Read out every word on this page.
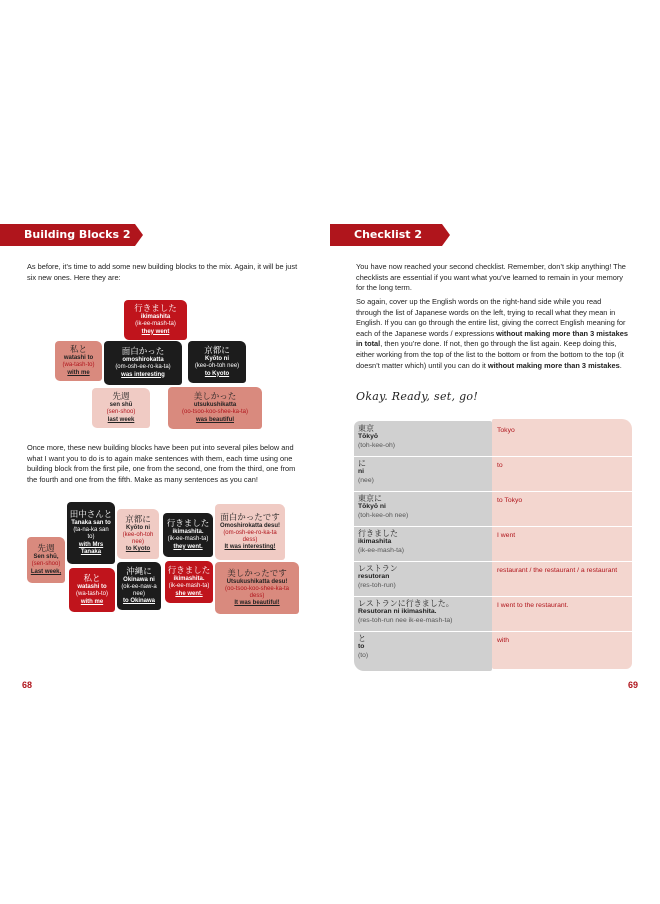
Building Blocks 2

As before, it’s time to add some new building blocks to the mix. Again, it will be just six new ones. Here they are:

行きました
ikimashita
(ik-ee-mash-ta)
they went
私と
watashi to
(wa-tash-to)
with me
面白かった
omoshirokatta
(om-osh-ee-ro-ka-ta)
was interesting
京都に
Kyōto ni
(kee-oh-toh nee)
to Kyoto
先週
sen shū
(sen-shoo)
last week
美しかった
utsukushikatta
(oo-tsoo-koo-shee-ka-ta)
was beautiful

Once more, these new building blocks have been put into several piles below and what I want you to do is to again make sentences with them, each time using one building block from the first pile, one from the second, one from the third, one from the fourth and one from the fifth. Make as many sentences as you can!

先週
Sen shū,
(sen-shoo)
Last week,
田中さんと
Tanaka san to
(ta-na-ka san to)
with Mrs Tanaka
私と
watashi to
(wa-tash-to)
with me
京都に
Kyōto ni
(kee-oh-toh nee)
to Kyoto
沖縄に
Okinawa ni
(ok-ee-naw-a nee)
to Okinawa
行きました
ikimashita.
(ik-ee-mash-ta)
they went.
行きました
ikimashita.
(ik-ee-mash-ta)
she went.
面白かったです
Omoshirokatta desu!
(om-osh-ee-ro-ka-ta dess)
It was interesting!
美しかったです
Utsukushikatta desu!
(oo-tsoo-koo-shee-ka-ta dess)
It was beautiful!
68
Checklist 2

You have now reached your second checklist. Remember, don’t skip anything! The checklists are essential if you want what you’ve learned to remain in your memory for the long term.

So again, cover up the English words on the right-hand side while you read through the list of Japanese words on the left, trying to recall what they mean in English. If you can go through the entire list, giving the correct English meaning for each of the Japanese words / expressions without making more than 3 mistakes in total, then you’re done. If not, then go through the list again. Keep doing this, either working from the top of the list to the bottom or from the bottom to the top (it doesn’t matter which) until you can do it without making more than 3 mistakes.

Okay. Ready, set, go!
東京
Tōkyō
(toh-kee-oh)
Tokyo
に
ni
(nee)
to
東京に
Tōkyō ni
(toh-kee-oh nee)
to Tokyo
行きました
ikimashita
(ik-ee-mash-ta)
I went
レストラン
resutoran
(res-toh-run)
restaurant / the restaurant / a restaurant
レストランに行きました。
Resutoran ni ikimashita.
(res-toh-run nee ik-ee-mash-ta)
I went to the restaurant.
と
to
(to)
with
69
